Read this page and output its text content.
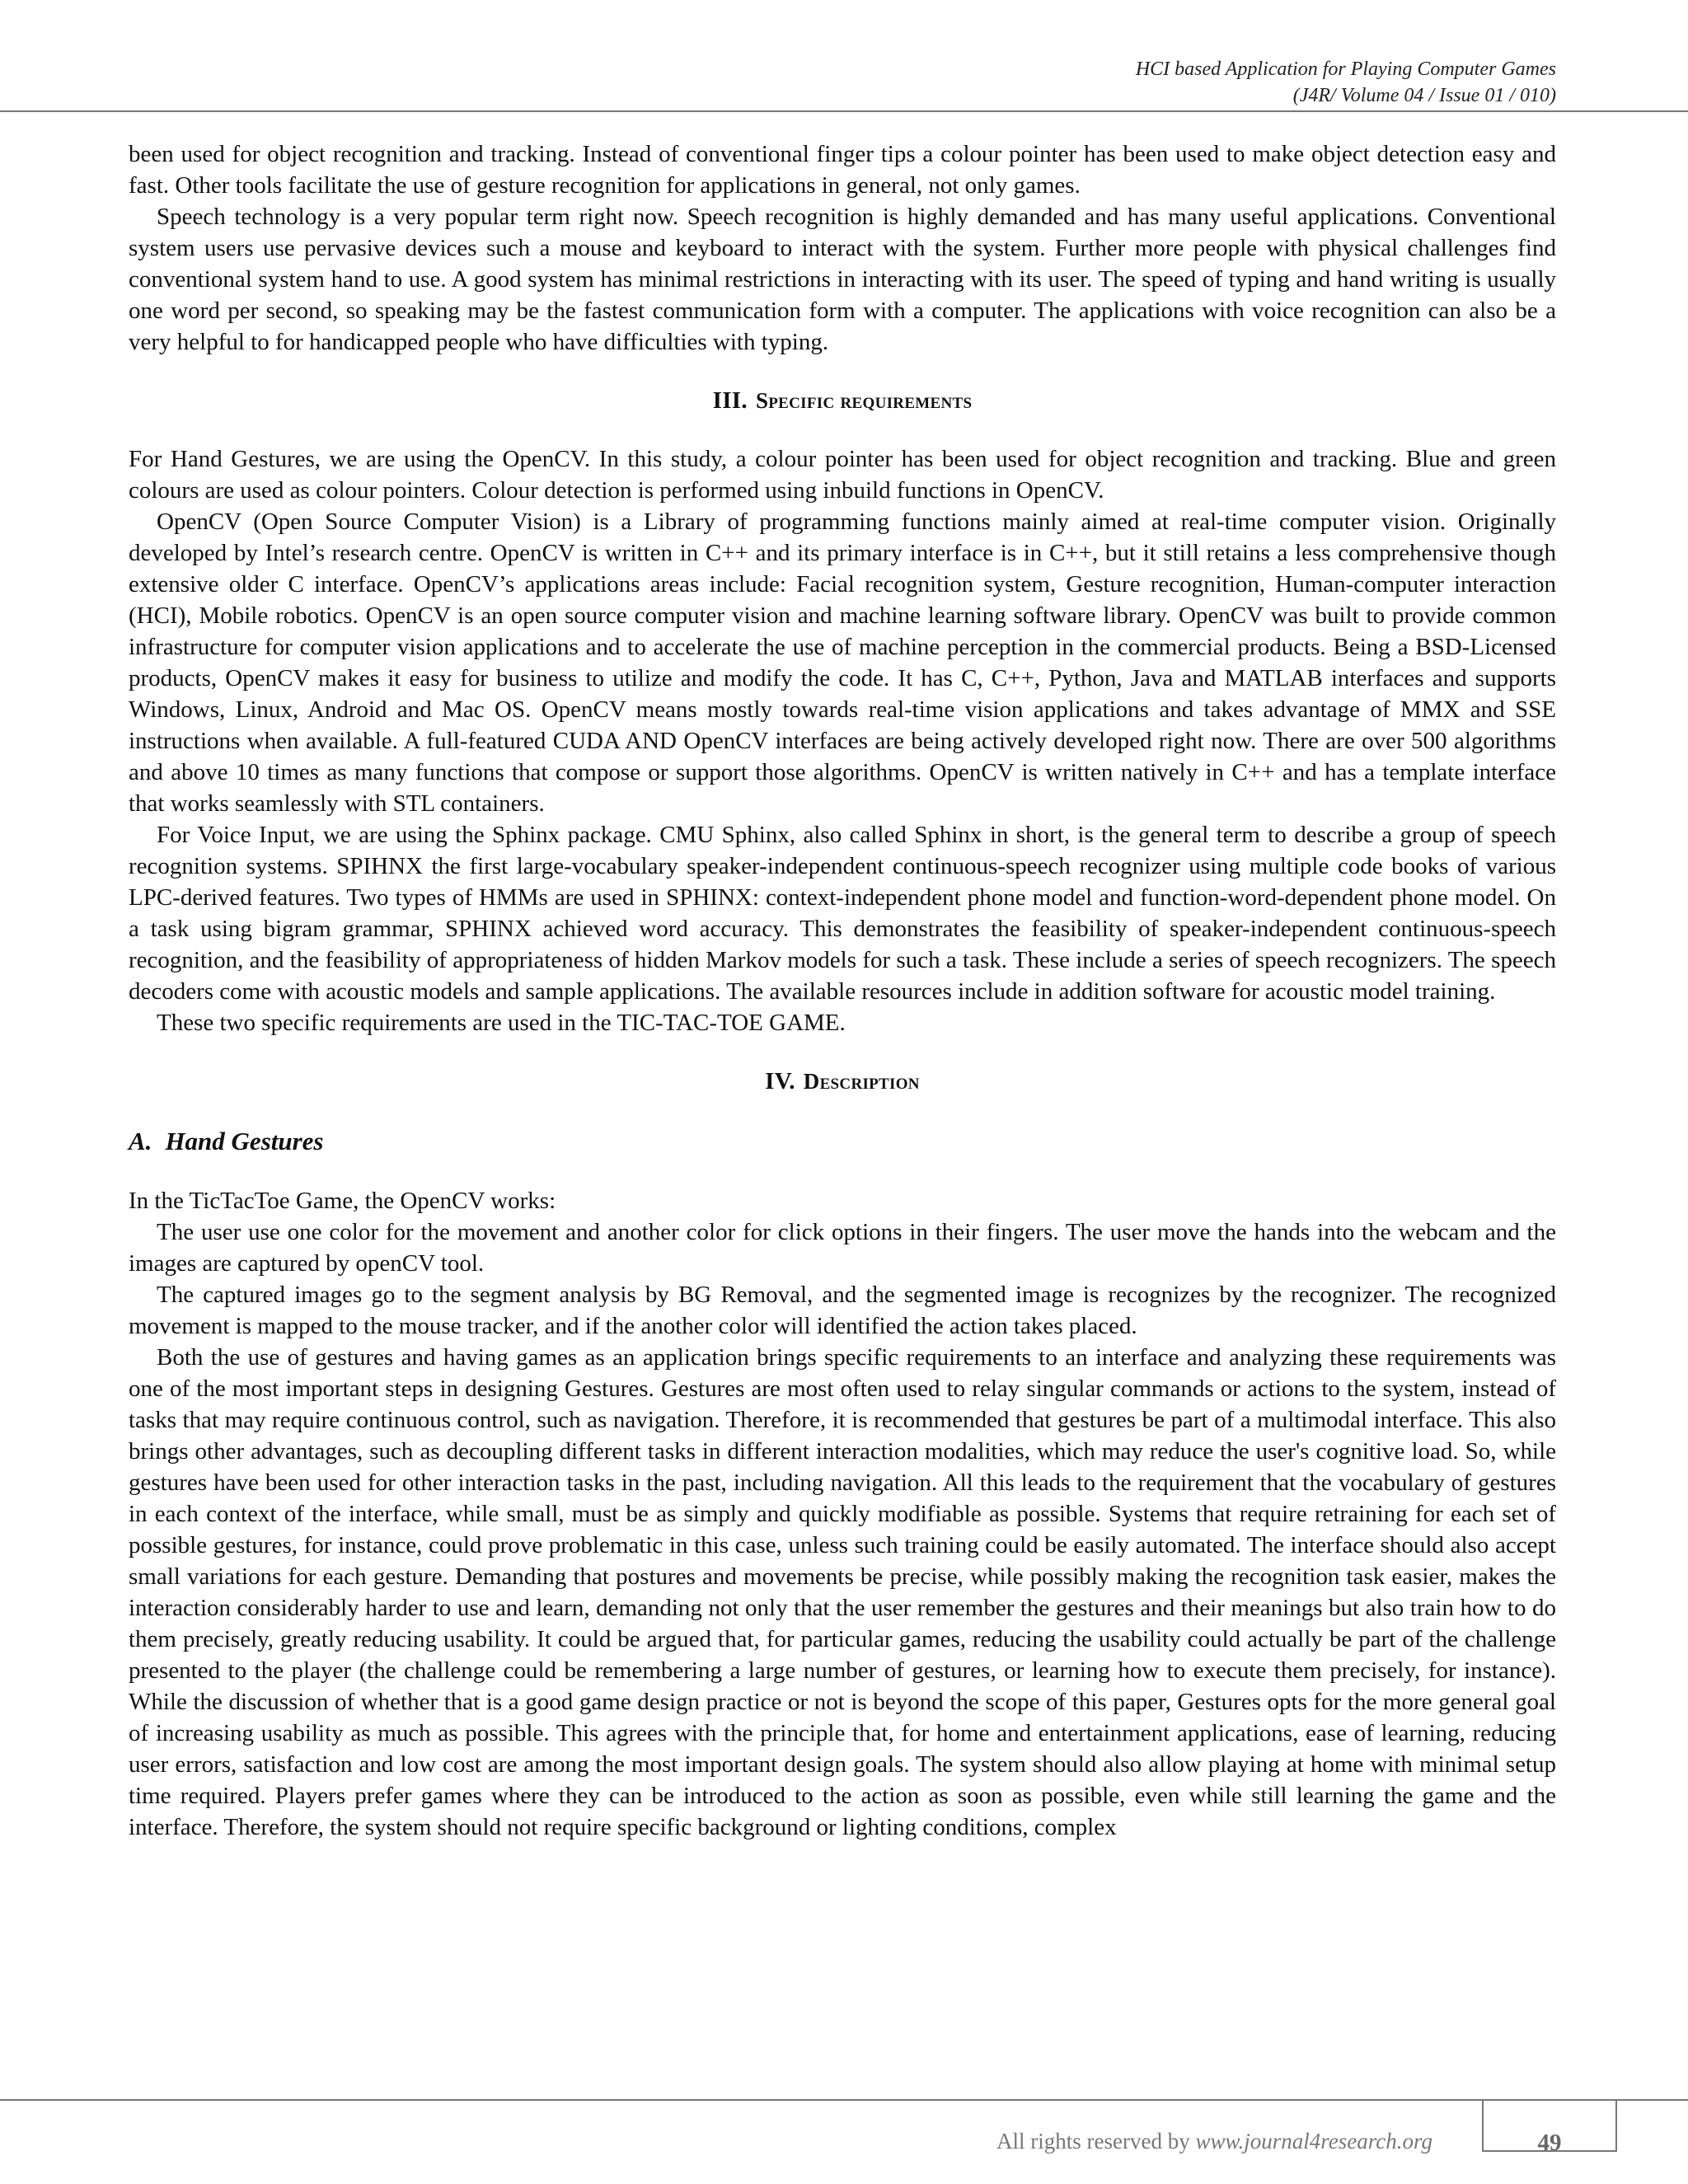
HCI based Application for Playing Computer Games
(J4R/ Volume 04 / Issue 01 / 010)

been used for object recognition and tracking. Instead of conventional finger tips a colour pointer has been used to make object detection easy and fast. Other tools facilitate the use of gesture recognition for applications in general, not only games.

Speech technology is a very popular term right now. Speech recognition is highly demanded and has many useful applications. Conventional system users use pervasive devices such a mouse and keyboard to interact with the system. Further more people with physical challenges find conventional system hand to use. A good system has minimal restrictions in interacting with its user. The speed of typing and hand writing is usually one word per second, so speaking may be the fastest communication form with a computer. The applications with voice recognition can also be a very helpful to for handicapped people who have difficulties with typing.

III. Specific requirements

For Hand Gestures, we are using the OpenCV. In this study, a colour pointer has been used for object recognition and tracking. Blue and green colours are used as colour pointers. Colour detection is performed using inbuild functions in OpenCV.

OpenCV (Open Source Computer Vision) is a Library of programming functions mainly aimed at real-time computer vision. Originally developed by Intel’s research centre. OpenCV is written in C++ and its primary interface is in C++, but it still retains a less comprehensive though extensive older C interface. OpenCV’s applications areas include: Facial recognition system, Gesture recognition, Human-computer interaction (HCI), Mobile robotics. OpenCV is an open source computer vision and machine learning software library. OpenCV was built to provide common infrastructure for computer vision applications and to accelerate the use of machine perception in the commercial products. Being a BSD-Licensed products, OpenCV makes it easy for business to utilize and modify the code. It has C, C++, Python, Java and MATLAB interfaces and supports Windows, Linux, Android and Mac OS. OpenCV means mostly towards real-time vision applications and takes advantage of MMX and SSE instructions when available. A full-featured CUDA AND OpenCV interfaces are being actively developed right now. There are over 500 algorithms and above 10 times as many functions that compose or support those algorithms. OpenCV is written natively in C++ and has a template interface that works seamlessly with STL containers.

For Voice Input, we are using the Sphinx package. CMU Sphinx, also called Sphinx in short, is the general term to describe a group of speech recognition systems. SPIHNX the first large-vocabulary speaker-independent continuous-speech recognizer using multiple code books of various LPC-derived features. Two types of HMMs are used in SPHINX: context-independent phone model and function-word-dependent phone model. On a task using bigram grammar, SPHINX achieved word accuracy. This demonstrates the feasibility of speaker-independent continuous-speech recognition, and the feasibility of appropriateness of hidden Markov models for such a task. These include a series of speech recognizers. The speech decoders come with acoustic models and sample applications. The available resources include in addition software for acoustic model training.

These two specific requirements are used in the TIC-TAC-TOE GAME.

IV. Description
A. Hand Gestures

In the TicTacToe Game, the OpenCV works:

The user use one color for the movement and another color for click options in their fingers. The user move the hands into the webcam and the images are captured by openCV tool.

The captured images go to the segment analysis by BG Removal, and the segmented image is recognizes by the recognizer. The recognized movement is mapped to the mouse tracker, and if the another color will identified the action takes placed.

Both the use of gestures and having games as an application brings specific requirements to an interface and analyzing these requirements was one of the most important steps in designing Gestures. Gestures are most often used to relay singular commands or actions to the system, instead of tasks that may require continuous control, such as navigation. Therefore, it is recommended that gestures be part of a multimodal interface. This also brings other advantages, such as decoupling different tasks in different interaction modalities, which may reduce the user's cognitive load. So, while gestures have been used for other interaction tasks in the past, including navigation. All this leads to the requirement that the vocabulary of gestures in each context of the interface, while small, must be as simply and quickly modifiable as possible. Systems that require retraining for each set of possible gestures, for instance, could prove problematic in this case, unless such training could be easily automated. The interface should also accept small variations for each gesture. Demanding that postures and movements be precise, while possibly making the recognition task easier, makes the interaction considerably harder to use and learn, demanding not only that the user remember the gestures and their meanings but also train how to do them precisely, greatly reducing usability. It could be argued that, for particular games, reducing the usability could actually be part of the challenge presented to the player (the challenge could be remembering a large number of gestures, or learning how to execute them precisely, for instance). While the discussion of whether that is a good game design practice or not is beyond the scope of this paper, Gestures opts for the more general goal of increasing usability as much as possible. This agrees with the principle that, for home and entertainment applications, ease of learning, reducing user errors, satisfaction and low cost are among the most important design goals. The system should also allow playing at home with minimal setup time required. Players prefer games where they can be introduced to the action as soon as possible, even while still learning the game and the interface. Therefore, the system should not require specific background or lighting conditions, complex

All rights reserved by www.journal4research.org	49
